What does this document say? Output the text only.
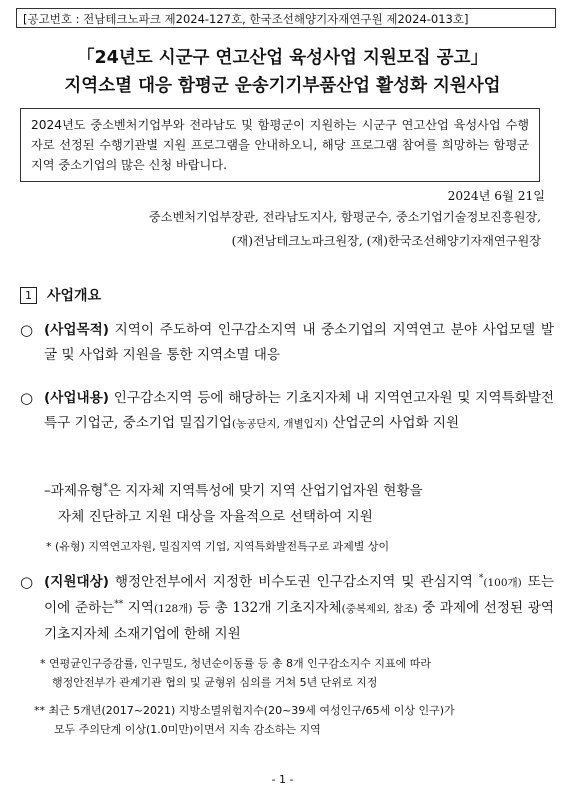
[공고번호 : 전남테크노파크 제2024-127호, 한국조선해양기자재연구원 제2024-013호]
「24년도 시군구 연고산업 육성사업 지원모집 공고」
지역소멸 대응 함평군 운송기기부품산업 활성화 지원사업
2024년도 중소벤처기업부와 전라남도 및 함평군이 지원하는 시군구 연고산업 육성사업 수행자로 선정된 수행기관별 지원 프로그램을 안내하오니, 해당 프로그램 참여를 희망하는 함평군 지역 중소기업의 많은 신청 바랍니다.
2024년 6월 21일
중소벤처기업부장관, 전라남도지사, 함평군수, 중소기업기술정보진흥원장,
(재)전남테크노파크원장, (재)한국조선해양기자재연구원장
1	사업개요
○ (사업목적) 지역이 주도하여 인구감소지역 내 중소기업의 지역연고 분야 사업모델 발굴 및 사업화 지원을 통한 지역소멸 대응
○ (사업내용) 인구감소지역 등에 해당하는 기초지자체 내 지역연고자원 및 지역특화발전특구 기업군, 중소기업 밀집기업(농공단지, 개별입지) 산업군의 사업화 지원
–과제유형*은 지자체 지역특성에 맞기 지역 산업기업자원 현황을
자체 진단하고 지원 대상을 자율적으로 선택하여 지원
* (유형) 지역연고자원, 밀집지역 기업, 지역특화발전특구로 과제별 상이
○ (지원대상) 행정안전부에서 지정한 비수도권 인구감소지역 및 관심지역 *(100개) 또는 이에 준하는** 지역(128개) 등 총 132개 기초지자체(중복제외, 참조) 중 과제에 선정된 광역기초지자체 소재기업에 한해 지원
* 연평균인구증감률, 인구밀도, 청년순이동률 등 총 8개 인구감소지수 지표에 따라
행정안전부가 관계기관 협의 및 균형위 심의를 거쳐 5년 단위로 지정
** 최근 5개년(2017~2021) 지방소멸위험지수(20~39세 여성인구/65세 이상 인구)가
모두 주의단계 이상(1.0미만)이면서 지속 감소하는 지역
- 1 -
